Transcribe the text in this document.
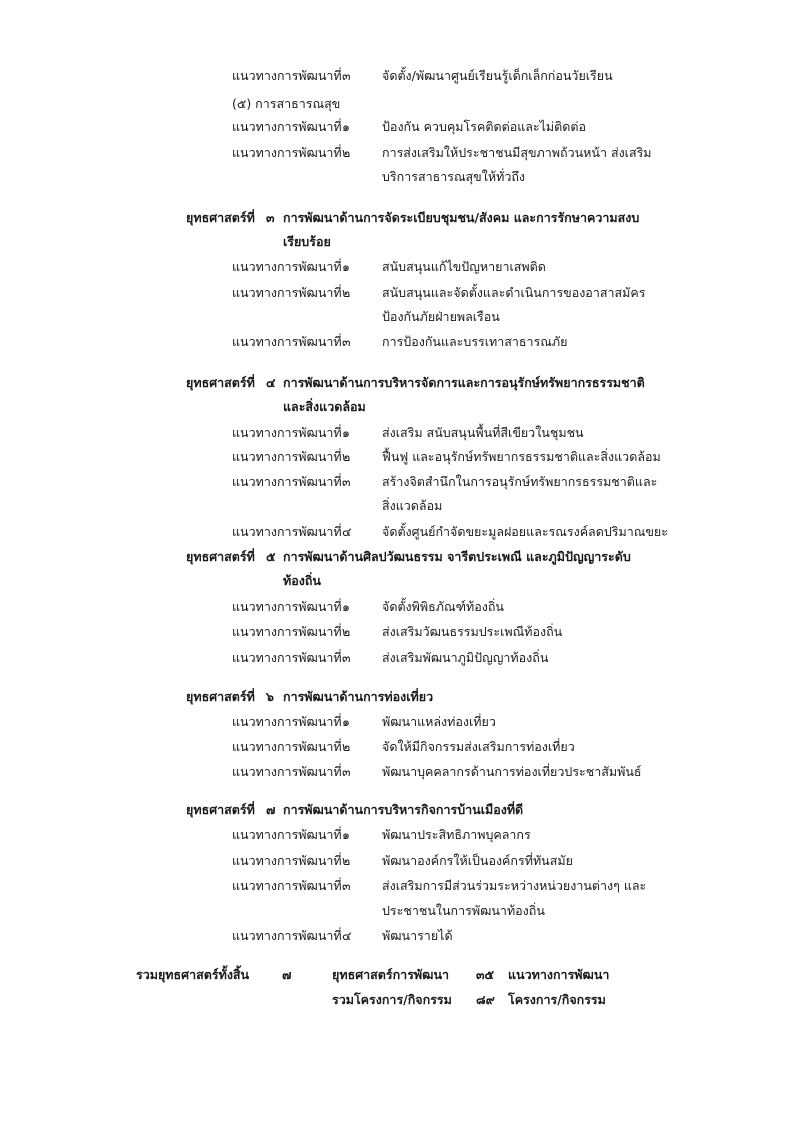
แนวทางการพัฒนาที่ ๓	จัดตั้ง/พัฒนาศูนย์เรียนรู้เด็กเล็กก่อนวัยเรียน
(๕) การสาธารณสุข
แนวทางการพัฒนาที่ ๑	ป้องกัน ควบคุมโรคติดต่อและไม่ติดต่อ
แนวทางการพัฒนาที่ ๒	การส่งเสริมให้ประชาชนมีสุขภาพถ้วนหน้า ส่งเสริม
บริการสาธารณสุขให้ทั่วถึง
ยุทธศาสตร์ที่ ๓ การพัฒนาด้านการจัดระเบียบชุมชน/สังคม และการรักษาความสงบ
เรียบร้อย
แนวทางการพัฒนาที่ ๑	สนับสนุนแก้ไขปัญหายาเสพติด
แนวทางการพัฒนาที่ ๒	สนับสนุนและจัดตั้งและดำเนินการของอาสาสมัคร
ป้องกันภัยฝ่ายพลเรือน
แนวทางการพัฒนาที่ ๓	การป้องกันและบรรเทาสาธารณภัย
ยุทธศาสตร์ที่ ๔ การพัฒนาด้านการบริหารจัดการและการอนุรักษ์ทรัพยากรธรรมชาติ
และสิ่งแวดล้อม
แนวทางการพัฒนาที่ ๑	ส่งเสริม สนับสนุนพื้นที่สีเขียวในชุมชน
แนวทางการพัฒนาที่ ๒	ฟื้นฟู และอนุรักษ์ทรัพยากรธรรมชาติและสิ่งแวดล้อม
แนวทางการพัฒนาที่ ๓	สร้างจิตสำนึกในการอนุรักษ์ทรัพยากรธรรมชาติและ
สิ่งแวดล้อม
แนวทางการพัฒนาที่ ๔ จัดตั้งศูนย์กำจัดขยะมูลฝอยและรณรงค์ลดปริมาณขยะ
ยุทธศาสตร์ที่ ๕ การพัฒนาด้านศิลปวัฒนธรรม จารีตประเพณี และภูมิปัญญาระดับ
ท้องถิ่น
แนวทางการพัฒนาที่ ๑	จัดตั้งพิพิธภัณฑ์ท้องถิ่น
แนวทางการพัฒนาที่ ๒	ส่งเสริมวัฒนธรรมประเพณีท้องถิ่น
แนวทางการพัฒนาที่ ๓	ส่งเสริมพัฒนาภูมิปัญญาท้องถิ่น
ยุทธศาสตร์ที่ ๖ การพัฒนาด้านการท่องเที่ยว
แนวทางการพัฒนาที่ ๑	พัฒนาแหล่งท่องเที่ยว
แนวทางการพัฒนาที่ ๒	จัดให้มีกิจกรรมส่งเสริมการท่องเที่ยว
แนวทางการพัฒนาที่ ๓	พัฒนาบุคคลากรด้านการท่องเที่ยวประชาสัมพันธ์
ยุทธศาสตร์ที่ ๗ การพัฒนาด้านการบริหารกิจการบ้านเมืองที่ดี
แนวทางการพัฒนาที่ ๑	พัฒนาประสิทธิภาพบุคลากร
แนวทางการพัฒนาที่ ๒	พัฒนาองค์กรให้เป็นองค์กรที่ทันสมัย
แนวทางการพัฒนาที่ ๓	ส่งเสริมการมีส่วนร่วมระหว่างหน่วยงานต่างๆ และ
ประชาชนในการพัฒนาท้องถิ่น
แนวทางการพัฒนาที่ ๔ พัฒนารายได้
รวมยุทธศาสตร์ทั้งสิ้น	๗	ยุทธศาสตร์การพัฒนา ๓๕ แนวทางการพัฒนา
รวมโครงการ/กิจกรรม ๘๙ โครงการ/กิจกรรม
